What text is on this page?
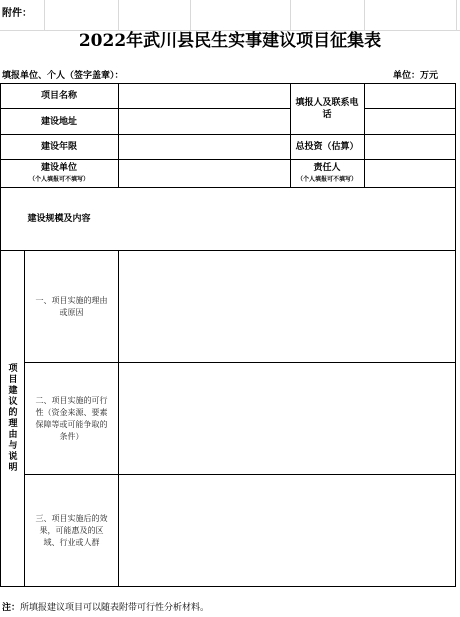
附件：
2022年武川县民生实事建议项目征集表
填报单位、个人（签字盖章）：	单位：万元
项目名称
填报人及联系电话
建设地址
建设年限	总投资（估算）
建设单位
（个人填报可不填写）
责任人
（个人填报可不填写）
建设规模及内容
项目建议的理由与说明
一、项目实施的理由或原因
二、项目实施的可行性（资金来源、要素保障等或可能争取的条件）
三、项目实施后的效果，可能惠及的区域、行业或人群
注：所填报建议项目可以随表附带可行性分析材料。
